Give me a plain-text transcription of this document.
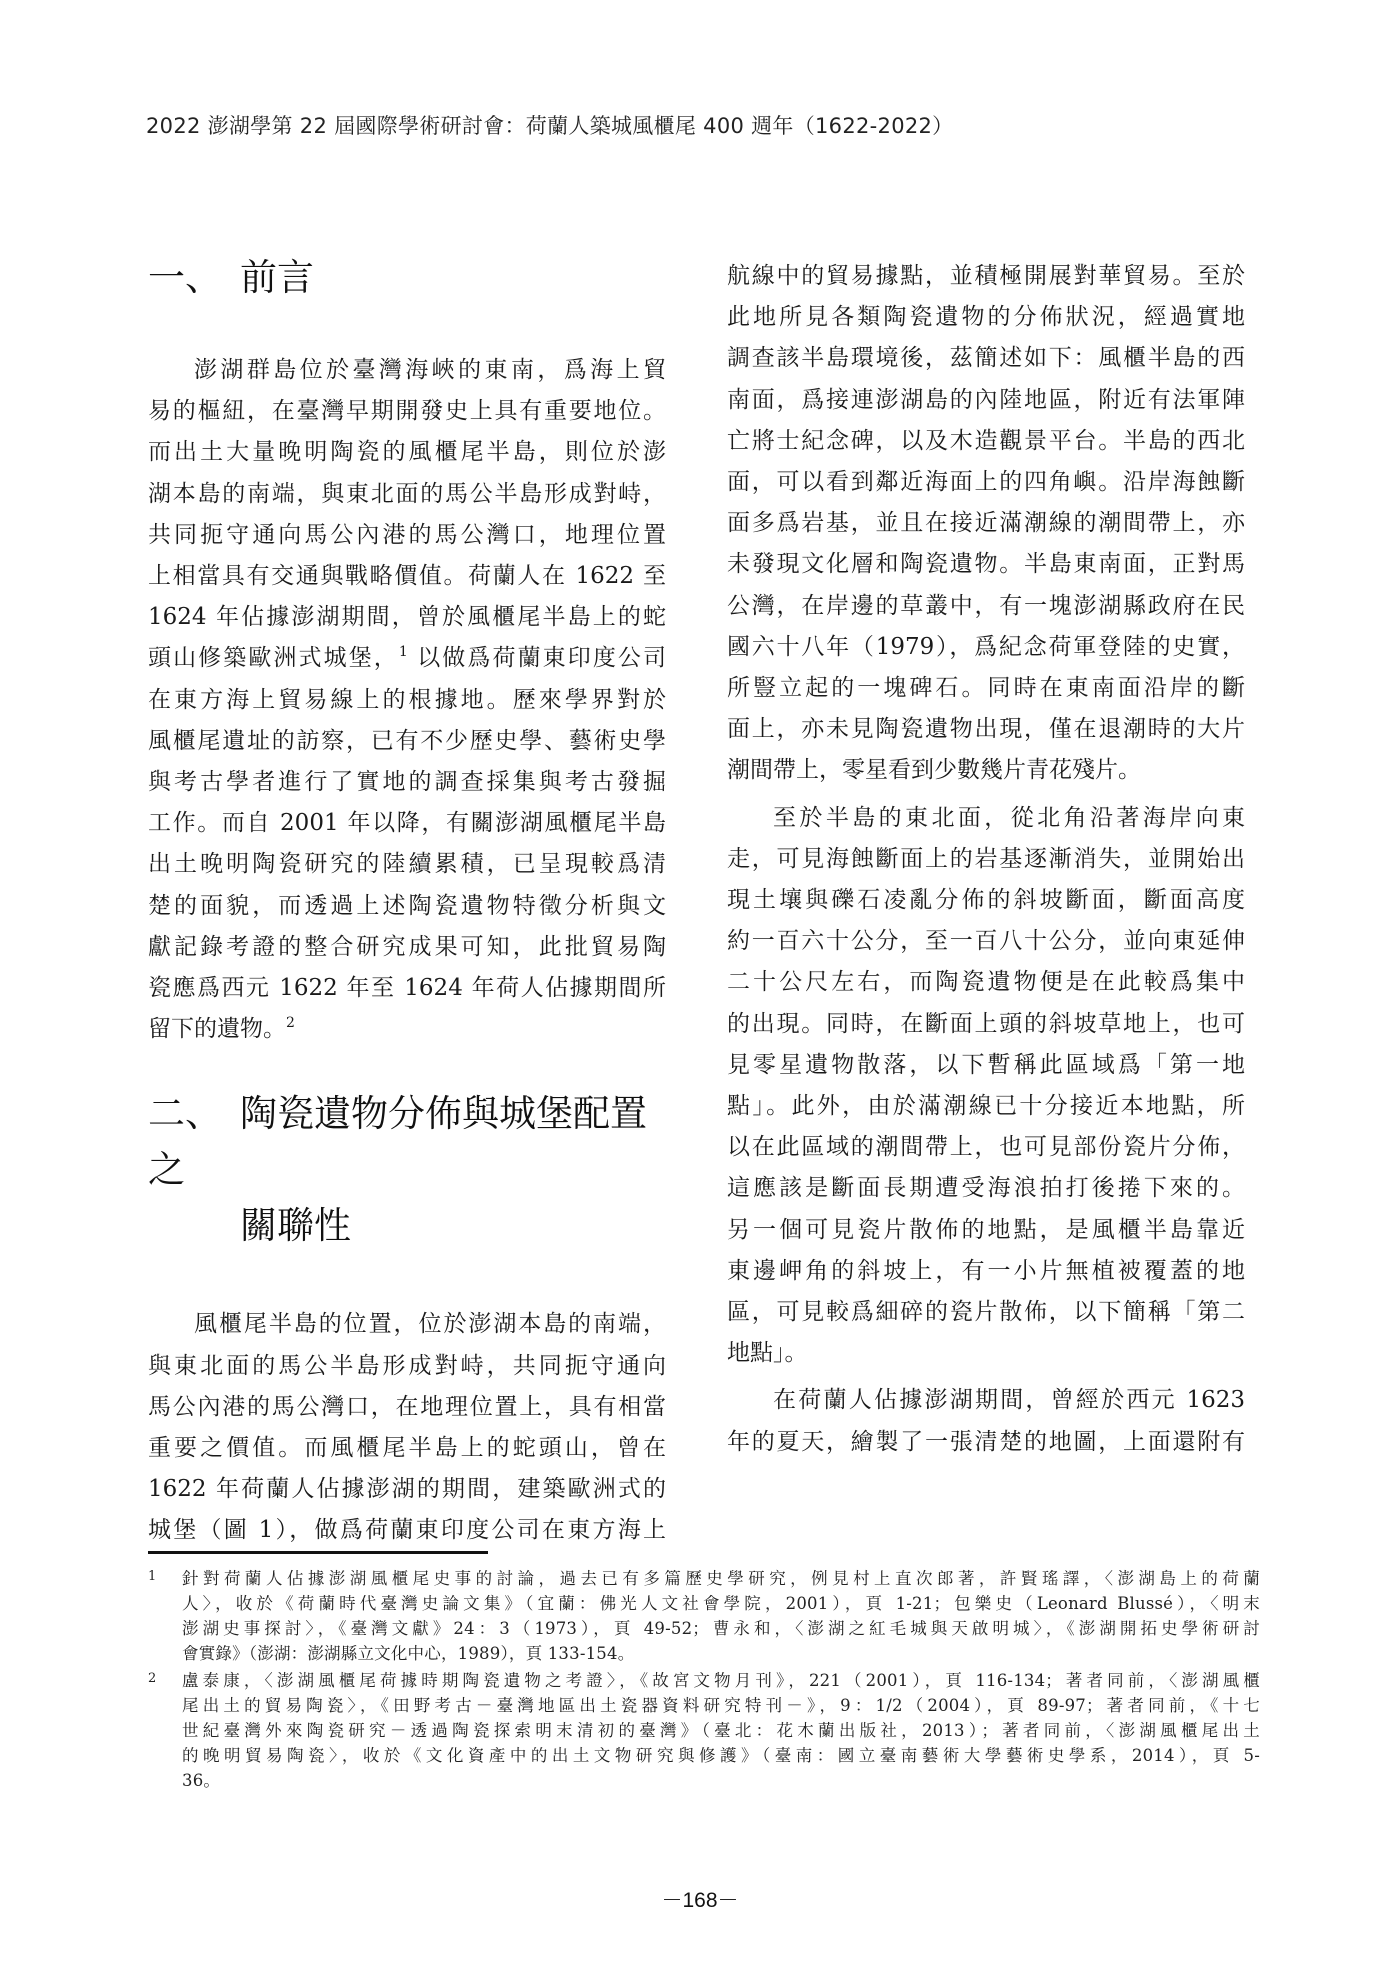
2022 澎湖學第 22 屆國際學術研討會：荷蘭人築城風櫃尾 400 週年（1622-2022）
一、 前言

澎湖群島位於臺灣海峽的東南，爲海上貿
易的樞紐，在臺灣早期開發史上具有重要地位。
而出土大量晚明陶瓷的風櫃尾半島，則位於澎
湖本島的南端，與東北面的馬公半島形成對峙，
共同扼守通向馬公內港的馬公灣口，地理位置
上相當具有交通與戰略價值。荷蘭人在 1622 至
1624 年佔據澎湖期間，曾於風櫃尾半島上的蛇
頭山修築歐洲式城堡，$^1$ 以做爲荷蘭東印度公司
在東方海上貿易線上的根據地。歷來學界對於
風櫃尾遺址的訪察，已有不少歷史學、藝術史學
與考古學者進行了實地的調查採集與考古發掘
工作。而自 2001 年以降，有關澎湖風櫃尾半島
出土晚明陶瓷研究的陸續累積，已呈現較爲清
楚的面貌，而透過上述陶瓷遺物特徵分析與文
獻記錄考證的整合研究成果可知，此批貿易陶
瓷應爲西元 1622 年至 1624 年荷人佔據期間所
留下的遺物。$^2$

二、 陶瓷遺物分佈與城堡配置之
關聯性

風櫃尾半島的位置，位於澎湖本島的南端，
與東北面的馬公半島形成對峙，共同扼守通向
馬公內港的馬公灣口，在地理位置上，具有相當
重要之價值。而風櫃尾半島上的蛇頭山，曾在
1622 年荷蘭人佔據澎湖的期間，建築歐洲式的
城堡（圖 1），做爲荷蘭東印度公司在東方海上

航線中的貿易據點，並積極開展對華貿易。至於
此地所見各類陶瓷遺物的分佈狀況，經過實地
調查該半島環境後，茲簡述如下：風櫃半島的西
南面，爲接連澎湖島的內陸地區，附近有法軍陣
亡將士紀念碑，以及木造觀景平台。半島的西北
面，可以看到鄰近海面上的四角嶼。沿岸海蝕斷
面多爲岩基，並且在接近滿潮線的潮間帶上，亦
未發現文化層和陶瓷遺物。半島東南面，正對馬
公灣，在岸邊的草叢中，有一塊澎湖縣政府在民
國六十八年（1979），爲紀念荷軍登陸的史實，
所豎立起的一塊碑石。同時在東南面沿岸的斷
面上，亦未見陶瓷遺物出現，僅在退潮時的大片
潮間帶上，零星看到少數幾片青花殘片。

至於半島的東北面，從北角沿著海岸向東
走，可見海蝕斷面上的岩基逐漸消失，並開始出
現土壤與礫石凌亂分佈的斜坡斷面，斷面高度
約一百六十公分，至一百八十公分，並向東延伸
二十公尺左右，而陶瓷遺物便是在此較爲集中
的出現。同時，在斷面上頭的斜坡草地上，也可
見零星遺物散落，以下暫稱此區域爲「第一地
點」。此外，由於滿潮線已十分接近本地點，所
以在此區域的潮間帶上，也可見部份瓷片分佈，
這應該是斷面長期遭受海浪拍打後捲下來的。
另一個可見瓷片散佈的地點，是風櫃半島靠近
東邊岬角的斜坡上，有一小片無植被覆蓋的地
區，可見較爲細碎的瓷片散佈，以下簡稱「第二
地點」。

在荷蘭人佔據澎湖期間，曾經於西元 1623
年的夏天，繪製了一張清楚的地圖，上面還附有

1 針對荷蘭人佔據澎湖風櫃尾史事的討論，過去已有多篇歷史學研究，例見村上直次郎著，許賢瑤譯，〈澎湖島上的荷蘭
人〉，收於《荷蘭時代臺灣史論文集》（宜蘭：佛光人文社會學院，2001），頁 1-21；包樂史（Leonard Blussé），〈明末
澎湖史事探討〉，《臺灣文獻》24：3（1973），頁 49-52；曹永和，〈澎湖之紅毛城與天啟明城〉，《澎湖開拓史學術研討
會實錄》（澎湖：澎湖縣立文化中心，1989），頁 133-154。
2 盧泰康，〈澎湖風櫃尾荷據時期陶瓷遺物之考證〉，《故宮文物月刊》，221（2001），頁 116-134；著者同前，〈澎湖風櫃
尾出土的貿易陶瓷〉，《田野考古－臺灣地區出土瓷器資料研究特刊－》，9：1/2（2004），頁 89-97；著者同前，《十七
世紀臺灣外來陶瓷研究－透過陶瓷探索明末清初的臺灣》（臺北：花木蘭出版社，2013）；著者同前，〈澎湖風櫃尾出土
的晚明貿易陶瓷〉，收於《文化資產中的出土文物研究與修護》（臺南：國立臺南藝術大學藝術史學系，2014），頁 5-
36。
－168－
